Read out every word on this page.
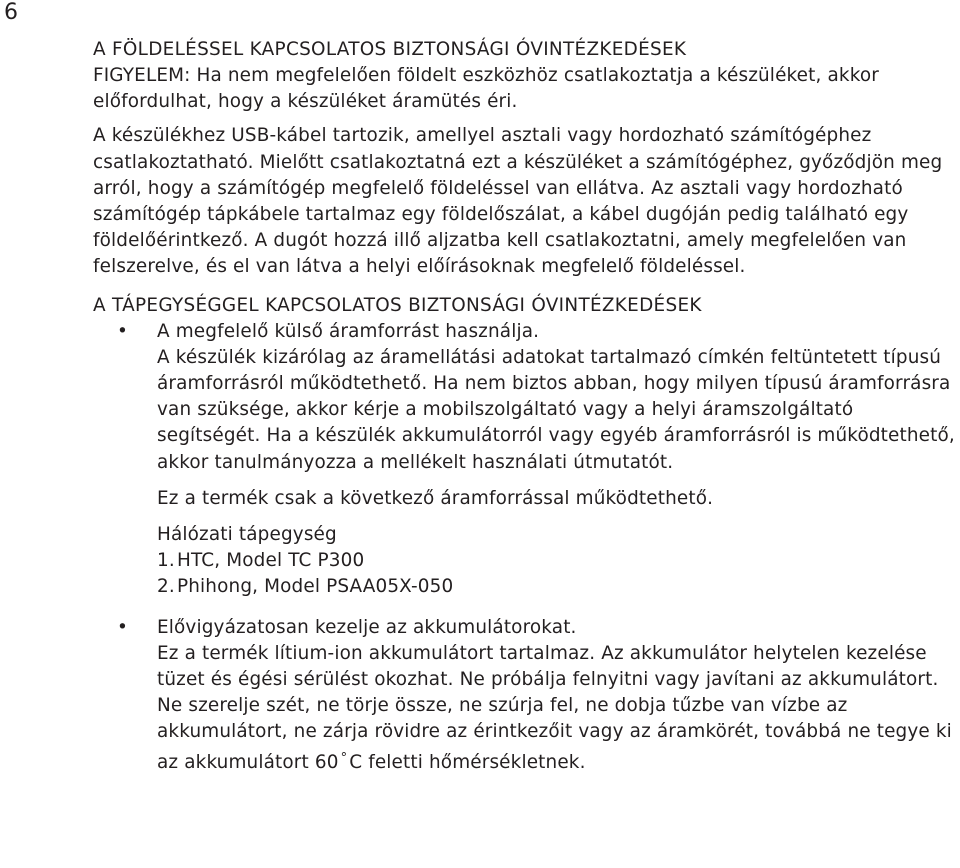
6

A FÖLDELÉSSEL KAPCSOLATOS BIZTONSÁGI ÓVINTÉZKEDÉSEK

FIGYELEM: Ha nem megfelelően földelt eszközhöz csatlakoztatja a készüléket, akkor előfordulhat, hogy a készüléket áramütés éri.

A készülékhez USB-kábel tartozik, amellyel asztali vagy hordozható számítógéphez csatlakoztatható. Mielőtt csatlakoztatná ezt a készüléket a számítógéphez, győződjön meg arról, hogy a számítógép megfelelő földeléssel van ellátva. Az asztali vagy hordozható számítógép tápkábele tartalmaz egy földelőszálat, a kábel dugóján pedig található egy földelőérintkező. A dugót hozzá illő aljzatba kell csatlakoztatni, amely megfelelően van felszerelve, és el van látva a helyi előírásoknak megfelelő földeléssel.

A TÁPEGYSÉGGEL KAPCSOLATOS BIZTONSÁGI ÓVINTÉZKEDÉSEK

• A megfelelő külső áramforrást használja.

A készülék kizárólag az áramellátási adatokat tartalmazó címkén feltüntetett típusú áramforrásról működtethető. Ha nem biztos abban, hogy milyen típusú áramforrásra van szüksége, akkor kérje a mobilszolgáltató vagy a helyi áramszolgáltató segítségét. Ha a készülék akkumulátorról vagy egyéb áramforrásról is működtethető, akkor tanulmányozza a mellékelt használati útmutatót.

Ez a termék csak a következő áramforrással működtethető.

Hálózati tápegység

1. HTC, Model TC P300
2. Phihong, Model PSAA05X-050
• Elővigyázatosan kezelje az akkumulátorokat.

Ez a termék lítium-ion akkumulátort tartalmaz. Az akkumulátor helytelen kezelése tüzet és égési sérülést okozhat. Ne próbálja felnyitni vagy javítani az akkumulátort. Ne szerelje szét, ne törje össze, ne szúrja fel, ne dobja tűzbe van vízbe az akkumulátort, ne zárja rövidre az érintkezőit vagy az áramkörét, továbbá ne tegye ki az akkumulátort 60 ° C feletti hőmérsékletnek.
